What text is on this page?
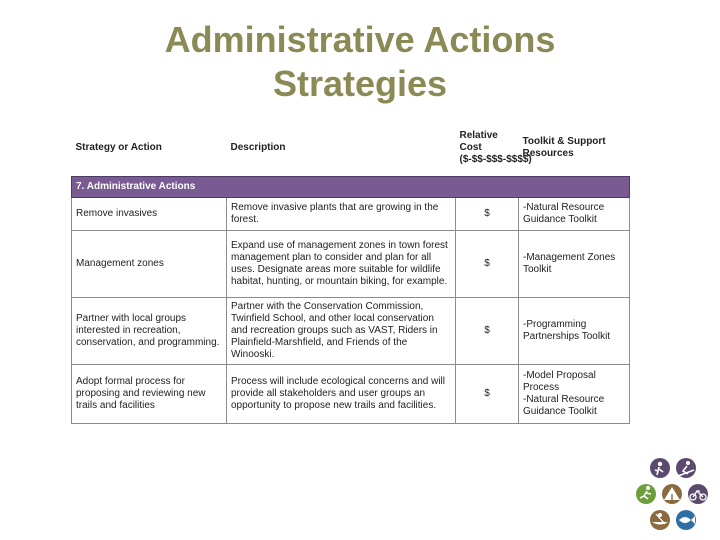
Administrative Actions
Strategies
Strategy or Action	Description	Relative Cost ($-$$-$$$-$$$$)	Toolkit & Support Resources
7. Administrative Actions			
Remove invasives	Remove invasive plants that are growing in the forest.	$	-Natural Resource Guidance Toolkit

Management zones	Expand use of management zones in town forest management plan to consider and plan for all uses. Designate areas more suitable for wildlife habitat, hunting, or mountain biking, for example.	$	-Management Zones Toolkit

Partner with local groups interested in recreation, conservation, and programming.	Partner with the Conservation Commission, Twinfield School, and other local conservation and recreation groups such as VAST, Riders in Plainfield-Marshfield, and Friends of the Winooski.	$	-Programming Partnerships Toolkit

Adopt formal process for proposing and reviewing new trails and facilities	Process will include ecological concerns and will provide all stakeholders and user groups an opportunity to propose new trails and facilities.	$	-Model Proposal Process
-Natural Resource Guidance Toolkit
